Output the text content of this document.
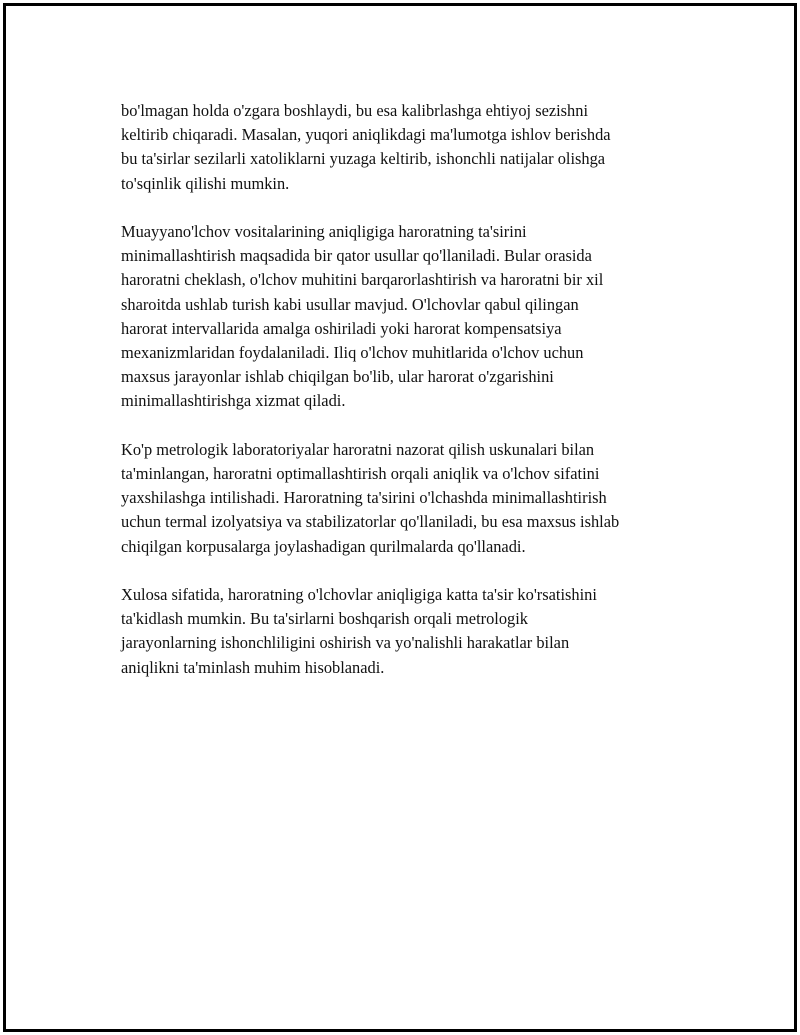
bo'lmagan holda o'zgara boshlaydi, bu esa kalibrlashga ehtiyoj sezishni
keltirib chiqaradi. Masalan, yuqori aniqlikdagi ma'lumotga ishlov berishda
bu ta'sirlar sezilarli xatoliklarni yuzaga keltirib, ishonchli natijalar olishga
to'sqinlik qilishi mumkin.

Muayyano'lchov vositalarining aniqligiga haroratning ta'sirini
minimallashtirish maqsadida bir qator usullar qo'llaniladi. Bular orasida
haroratni cheklash, o'lchov muhitini barqarorlashtirish va haroratni bir xil
sharoitda ushlab turish kabi usullar mavjud. O'lchovlar qabul qilingan
harorat intervallarida amalga oshiriladi yoki harorat kompensatsiya
mexanizmlaridan foydalaniladi. Iliq o'lchov muhitlarida o'lchov uchun
maxsus jarayonlar ishlab chiqilgan bo'lib, ular harorat o'zgarishini
minimallashtirishga xizmat qiladi.

Ko'p metrologik laboratoriyalar haroratni nazorat qilish uskunalari bilan
ta'minlangan, haroratni optimallashtirish orqali aniqlik va o'lchov sifatini
yaxshilashga intilishadi. Haroratning ta'sirini o'lchashda minimallashtirish
uchun termal izolyatsiya va stabilizatorlar qo'llaniladi, bu esa maxsus ishlab
chiqilgan korpusalarga joylashadigan qurilmalarda qo'llanadi.

Xulosa sifatida, haroratning o'lchovlar aniqligiga katta ta'sir ko'rsatishini
ta'kidlash mumkin. Bu ta'sirlarni boshqarish orqali metrologik
jarayonlarning ishonchliligini oshirish va yo'nalishli harakatlar bilan
aniqlikni ta'minlash muhim hisoblanadi.
